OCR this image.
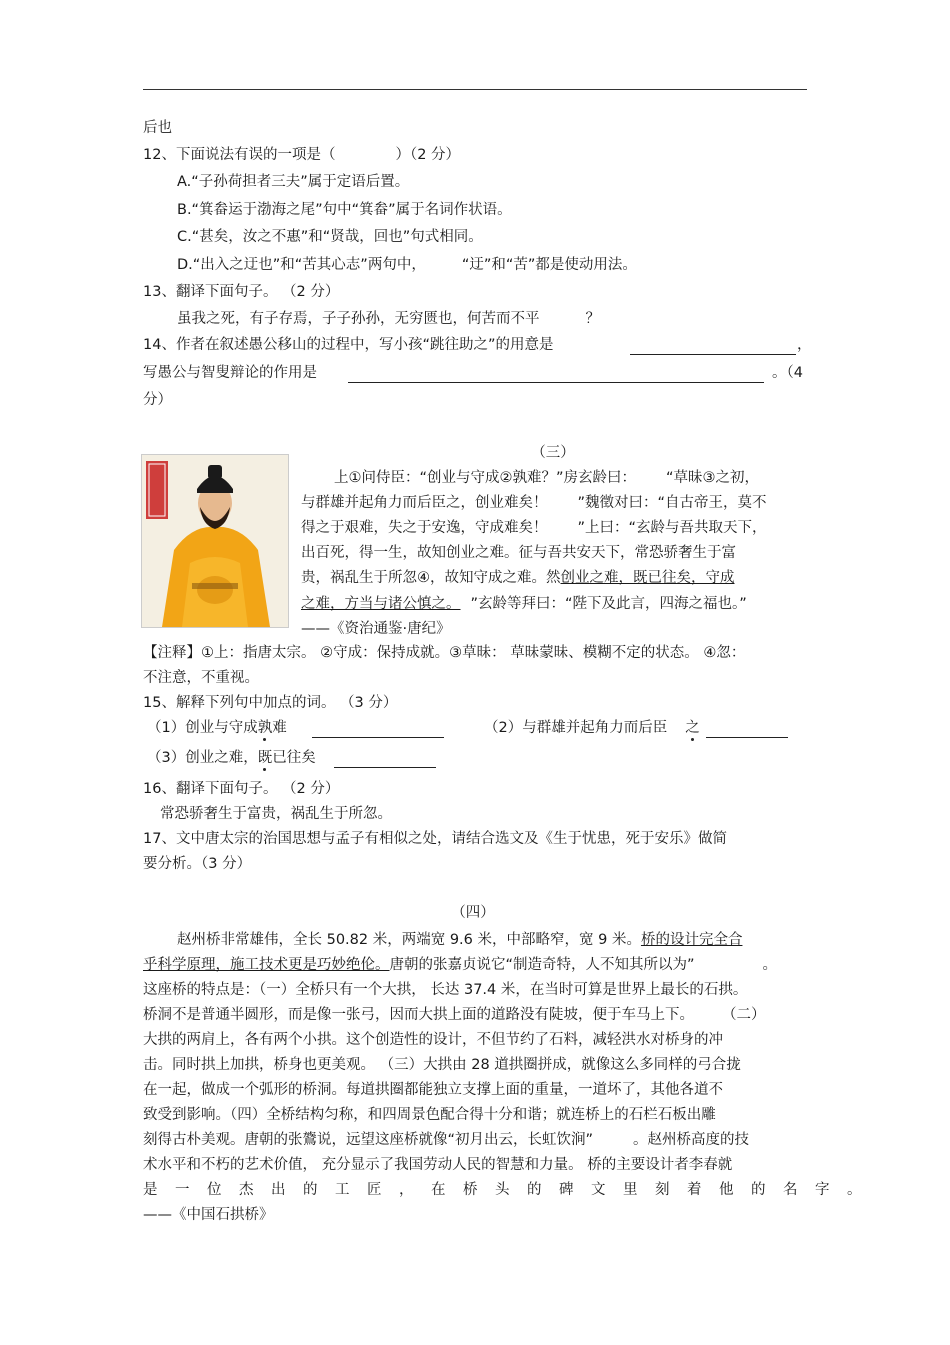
后也
12、下面说法有误的一项是（	）（2 分）
A.“子孙荷担者三夫”属于定语后置。
B.“箕畚运于渤海之尾”句中“箕畚”属于名词作状语。
C.“甚矣，汝之不惠”和“贤哉，回也”句式相同。
D.“出入之迂也”和“苦其心志”两句中， “迂”和“苦”都是使动用法。
13、翻译下面句子。 （2 分）
虽我之死，有子存焉，子子孙孙，无穷匮也，何苦而不平	？
14、作者在叙述愚公移山的过程中，写小孩“跳往助之”的用意是	，
写愚公与智叟辩论的作用是	。（4
分）
（三）
上①问侍臣：“创业与守成②孰难？”房玄龄曰： “草昧③之初，
与群雄并起角力而后臣之，创业难矣！ ”魏徵对曰：“自古帝王，莫不
得之于艰难，失之于安逸，守成难矣！ ”上曰：“玄龄与吾共取天下，
出百死，得一生，故知创业之难。征与吾共安天下，常恐骄奢生于富
贵，祸乱生于所忽④，故知守成之难。然创业之难，既已往矣，守成
之难，方当与诸公慎之。 ”玄龄等拜曰：“陛下及此言，四海之福也。”
——《资治通鉴·唐纪》
【注释】①上：指唐太宗。 ②守成：保持成就。③草昧： 草昧蒙昧、模糊不定的状态。 ④忽：
不注意，不重视。
15、解释下列句中加点的词。 （3 分）
（1）创业与守成孰难	（2）与群雄并起角力而后臣 之
（3）创业之难，既已往矣
16、翻译下面句子。 （2 分）
常恐骄奢生于富贵，祸乱生于所忽。
17、文中唐太宗的治国思想与孟子有相似之处，请结合选文及《生于忧患，死于安乐》做简
要分析。（3 分）
（四）
赵州桥非常雄伟，全长 50.82 米，两端宽 9.6 米，中部略窄，宽 9 米。桥的设计完全合
乎科学原理，施工技术更是巧妙绝伦。唐朝的张嘉贞说它“制造奇特，人不知其所以为”	。
这座桥的特点是：（一）全桥只有一个大拱， 长达 37.4 米，在当时可算是世界上最长的石拱。
桥洞不是普通半圆形，而是像一张弓，因而大拱上面的道路没有陡坡，便于车马上下。 （二）
大拱的两肩上，各有两个小拱。这个创造性的设计，不但节约了石料，减轻洪水对桥身的冲
击。同时拱上加拱，桥身也更美观。 （三）大拱由 28 道拱圈拼成，就像这么多同样的弓合拢
在一起，做成一个弧形的桥洞。每道拱圈都能独立支撑上面的重量，一道坏了，其他各道不
致受到影响。（四）全桥结构匀称，和四周景色配合得十分和谐；就连桥上的石栏石板出雕
刻得古朴美观。唐朝的张鷟说，远望这座桥就像“初月出云，长虹饮涧”	。赵州桥高度的技
术水平和不朽的艺术价值， 充分显示了我国劳动人民的智慧和力量。 桥的主要设计者李春就
是一位杰出的工匠，在桥头的碑文里刻着他的名字。
——《中国石拱桥》
